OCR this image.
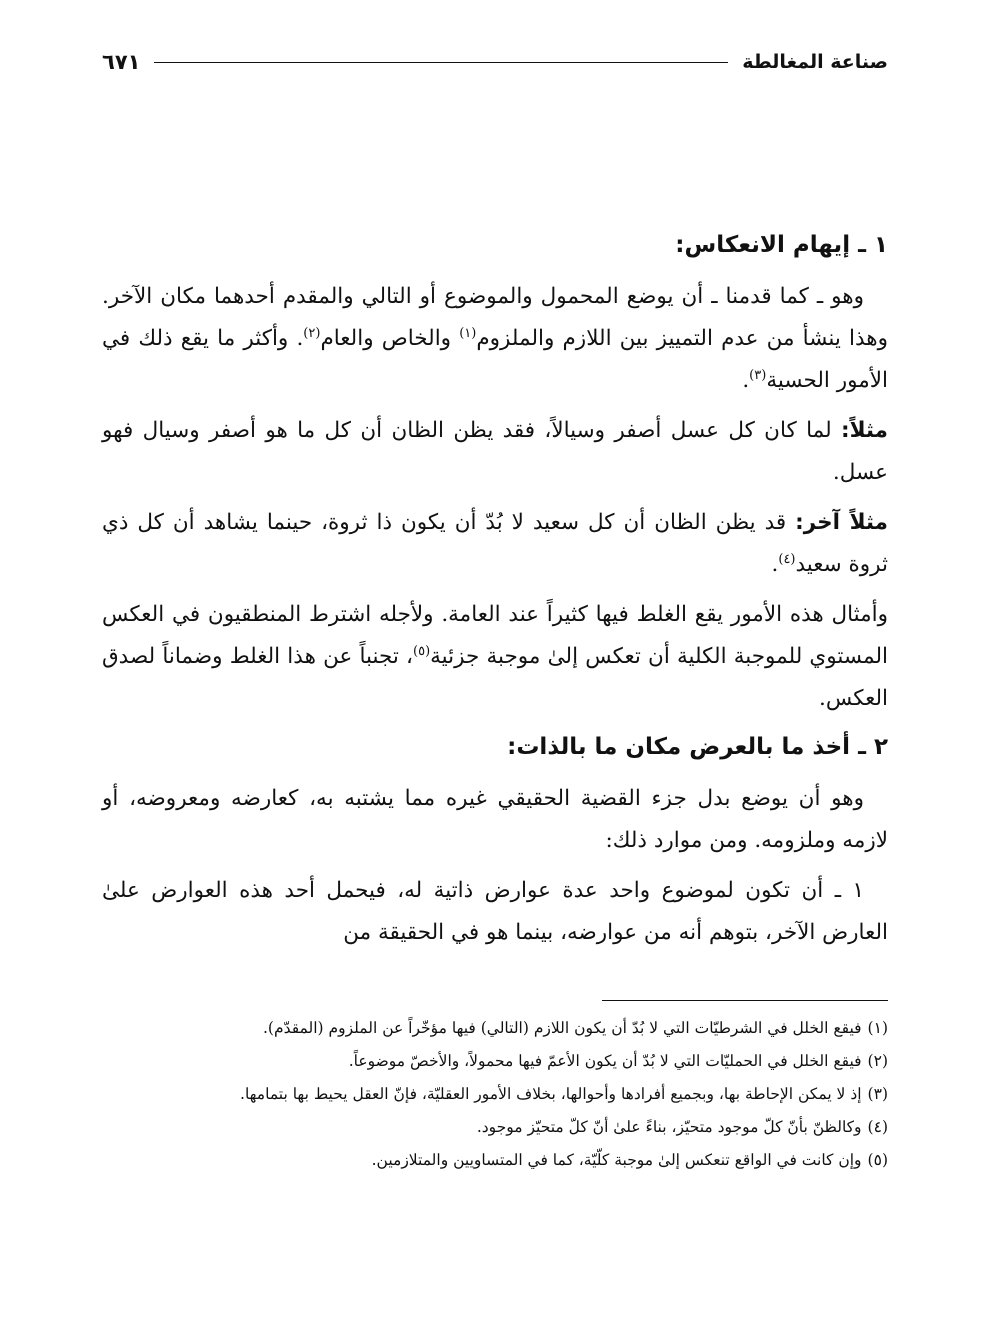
صناعة المغالطة
٦٧١
١ ـ إيهام الانعكاس:

وهو ـ كما قدمنا ـ أن يوضع المحمول والموضوع أو التالي والمقدم أحدهما مكان الآخر. وهذا ينشأ من عدم التمييز بين اللازم والملزوم$^{(١)}$ والخاص والعام$^{(٢)}$. وأكثر ما يقع ذلك في الأمور الحسية$^{(٣)}$.

مثلاً: لما كان كل عسل أصفر وسيالاً، فقد يظن الظان أن كل ما هو أصفر وسيال فهو عسل.

مثلاً آخر: قد يظن الظان أن كل سعيد لا بُدّ أن يكون ذا ثروة، حينما يشاهد أن كل ذي ثروة سعيد$^{(٤)}$.

وأمثال هذه الأمور يقع الغلط فيها كثيراً عند العامة. ولأجله اشترط المنطقيون في العكس المستوي للموجبة الكلية أن تعكس إلىٰ موجبة جزئية$^{(٥)}$، تجنباً عن هذا الغلط وضماناً لصدق العكس.

٢ ـ أخذ ما بالعرض مكان ما بالذات:

وهو أن يوضع بدل جزء القضية الحقيقي غيره مما يشتبه به، كعارضه ومعروضه، أو لازمه وملزومه. ومن موارد ذلك:

١ ـ أن تكون لموضوع واحد عدة عوارض ذاتية له، فيحمل أحد هذه العوارض علىٰ العارض الآخر، بتوهم أنه من عوارضه، بينما هو في الحقيقة من

(١)
فيقع الخلل في الشرطيّات التي لا بُدّ أن يكون اللازم (التالي) فيها مؤخّراً عن الملزوم (المقدّم).
(٢)
فيقع الخلل في الحمليّات التي لا بُدّ أن يكون الأعمّ فيها محمولاً، والأخصّ موضوعاً.
(٣)
إذ لا يمكن الإحاطة بها، وبجميع أفرادها وأحوالها، بخلاف الأمور العقليّة، فإنّ العقل يحيط بها بتمامها.
(٤)
وكالظنّ بأنّ كلّ موجود متحيّز، بناءً علىٰ أنّ كلّ متحيّز موجود.
(٥)
وإن كانت في الواقع تنعكس إلىٰ موجبة كلّيّة، كما في المتساويين والمتلازمين.
